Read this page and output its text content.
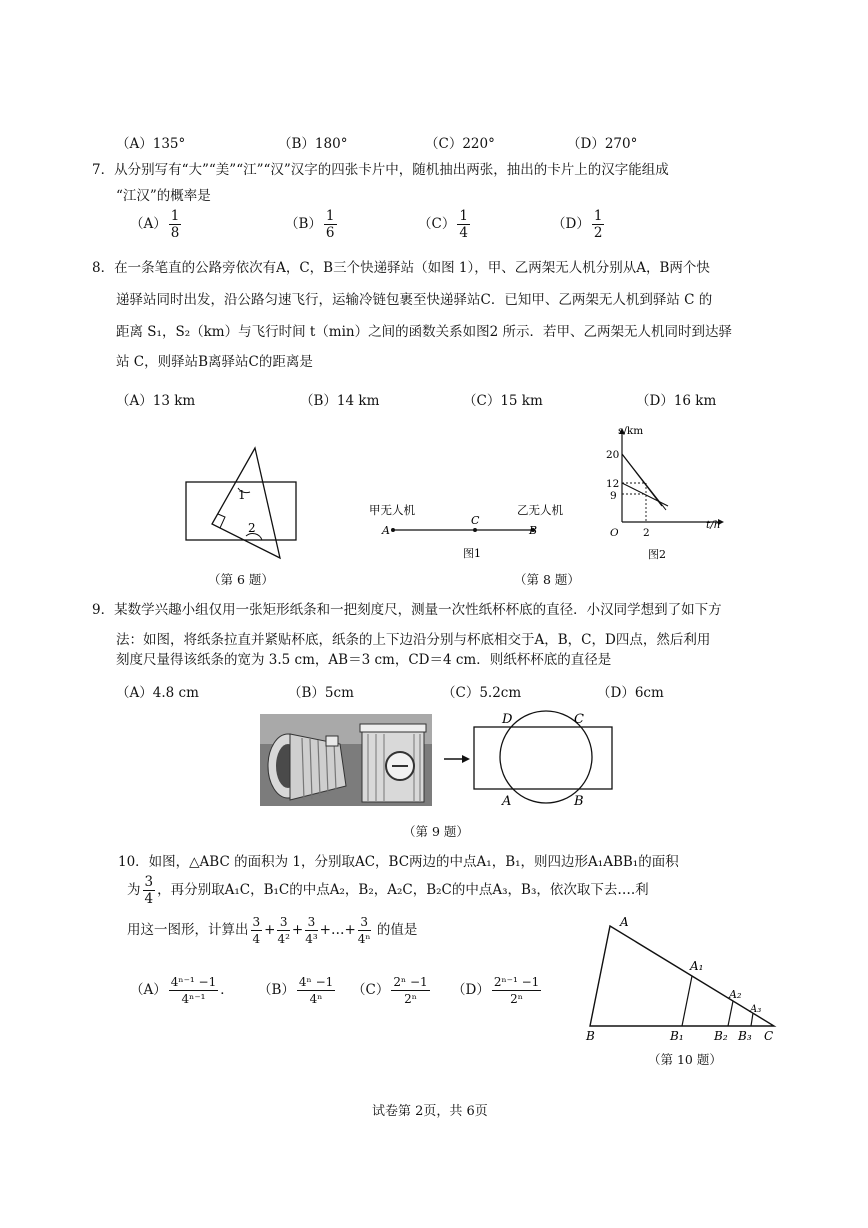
（A）135°	（B）180°	（C）220°	（D）270°
7．从分别写有“大”“美”“江”“汉”汉字的四张卡片中，随机抽出两张，抽出的卡片上的汉字能组成
“江汉”的概率是
$(A) \frac{1}{8}$	$(B) \frac{1}{6}$	$(C) \frac{1}{4}$	$(D) \frac{1}{2}$
8．在一条笔直的公路旁依次有A，C，B三个快递驿站（如图 1），甲、乙两架无人机分别从A，B两个快
递驿站同时出发，沿公路匀速飞行，运输冷链包裹至快递驿站C．已知甲、乙两架无人机到驿站 C 的
距离 S₁，S₂（km）与飞行时间 t（min）之间的函数关系如图2 所示．若甲、乙两架无人机同时到达驿
站 C，则驿站B离驿站C的距离是
（A）13 km	（B）14 km	（C）15 km	（D）16 km
1
2
（第 6 题）
甲无人机	乙无人机
A
C
B
图1
s/km
t/h
20
12
9
O 2
图2
（第 8 题）
9．某数学兴趣小组仅用一张矩形纸条和一把刻度尺，测量一次性纸杯杯底的直径．小汉同学想到了如下方
法：如图，将纸条拉直并紧贴杯底，纸条的上下边沿分别与杯底相交于A，B，C，D四点，然后利用
刻度尺量得该纸条的宽为 3.5 cm，AB＝3 cm，CD＝4 cm．则纸杯杯底的直径是
（A）4.8 cm	（B）5cm	（C）5.2cm	（D）6cm
D	C
A	B
（第 9 题）
10．如图，△ABC 的面积为 1，分别取AC，BC两边的中点A₁，B₁，则四边形A₁ABB₁的面积
为 $\frac{3}{4}$ ，再分别取A₁C，B₁C的中点A₂，B₂，A₂C，B₂C的中点A₃，B₃，依次取下去….利
用这一图形，计算出 $\frac{3}{4} + \frac{3}{\text{4²}} + \frac{3}{\text{4³}}$ +…+ $\frac{3}{\text{4ⁿ}}$ 的值是
$(A) \frac{\text{4ⁿ⁻¹ −1}}{\text{4ⁿ⁻¹}}$ ． $(B) \frac{\text{4ⁿ −1}}{\text{4ⁿ}} (C) \frac{\text{2ⁿ −1}}{\text{2ⁿ}} (D) \frac{\text{2ⁿ⁻¹ −1}}{\text{2ⁿ}}$
A
A₁
A₂
A₃
B	B₁	B₂ B₃ C
（第 10 题）
试卷第 2页，共 6页
